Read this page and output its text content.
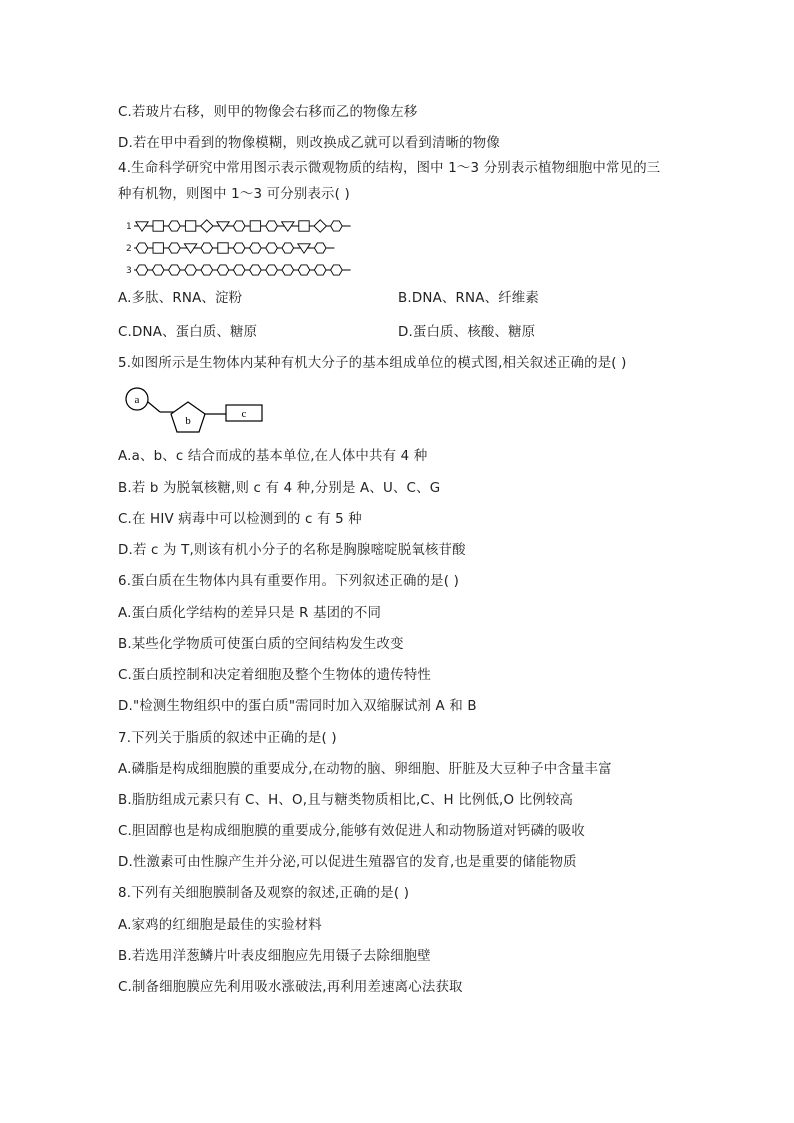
C.若玻片右移，则甲的物像会右移而乙的物像左移
D.若在甲中看到的物像模糊，则改换成乙就可以看到清晰的物像
4.生命科学研究中常用图示表示微观物质的结构，图中 1～3 分别表示植物细胞中常见的三
种有机物，则图中 1～3 可分别表示( )
1
2
3
A.多肽、RNA、淀粉	B.DNA、RNA、纤维素
C.DNA、蛋白质、糖原	D.蛋白质、核酸、糖原
5.如图所示是生物体内某种有机大分子的基本组成单位的模式图,相关叙述正确的是( )
a
b
c
A.a、b、c 结合而成的基本单位,在人体中共有 4 种
B.若 b 为脱氧核糖,则 c 有 4 种,分别是 A、U、C、G
C.在 HIV 病毒中可以检测到的 c 有 5 种
D.若 c 为 T,则该有机小分子的名称是胸腺嘧啶脱氧核苷酸
6.蛋白质在生物体内具有重要作用。下列叙述正确的是( )
A.蛋白质化学结构的差异只是 R 基团的不同
B.某些化学物质可使蛋白质的空间结构发生改变
C.蛋白质控制和决定着细胞及整个生物体的遗传特性
D."检测生物组织中的蛋白质"需同时加入双缩脲试剂 A 和 B
7.下列关于脂质的叙述中正确的是( )
A.磷脂是构成细胞膜的重要成分,在动物的脑、卵细胞、肝脏及大豆种子中含量丰富
B.脂肪组成元素只有 C、H、O,且与糖类物质相比,C、H 比例低,O 比例较高
C.胆固醇也是构成细胞膜的重要成分,能够有效促进人和动物肠道对钙磷的吸收
D.性激素可由性腺产生并分泌,可以促进生殖器官的发育,也是重要的储能物质
8.下列有关细胞膜制备及观察的叙述,正确的是( )
A.家鸡的红细胞是最佳的实验材料
B.若选用洋葱鳞片叶表皮细胞应先用镊子去除细胞壁
C.制备细胞膜应先利用吸水涨破法,再利用差速离心法获取
